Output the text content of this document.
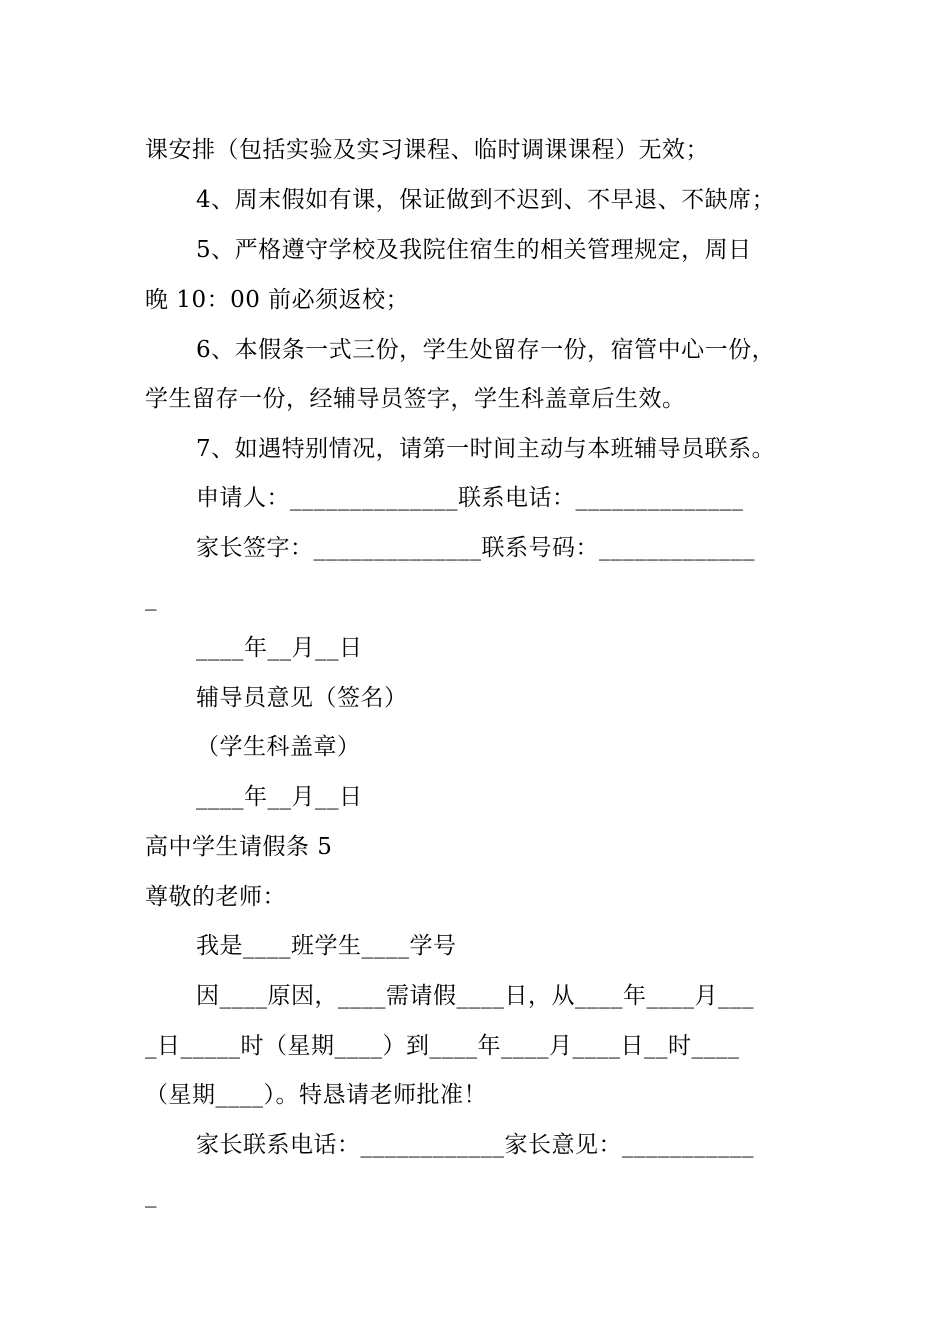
课安排（包括实验及实习课程、临时调课课程）无效；
4、周末假如有课，保证做到不迟到、不早退、不缺席；
5、严格遵守学校及我院住宿生的相关管理规定，周日
晚 10：00 前必须返校；
6、本假条一式三份，学生处留存一份，宿管中心一份，
学生留存一份，经辅导员签字，学生科盖章后生效。
7、如遇特别情况，请第一时间主动与本班辅导员联系。
申请人：______________联系电话：______________
家长签字：______________联系号码：_____________
_
____年__月__日
辅导员意见（签名）
（学生科盖章）
____年__月__日
高中学生请假条 5
尊敬的老师：
我是____班学生____学号
因____原因，____需请假____日，从____年____月___
_日_____时（星期____）到____年____月____日__时____
（星期____）。特恳请老师批准！
家长联系电话：____________家长意见：___________
_
